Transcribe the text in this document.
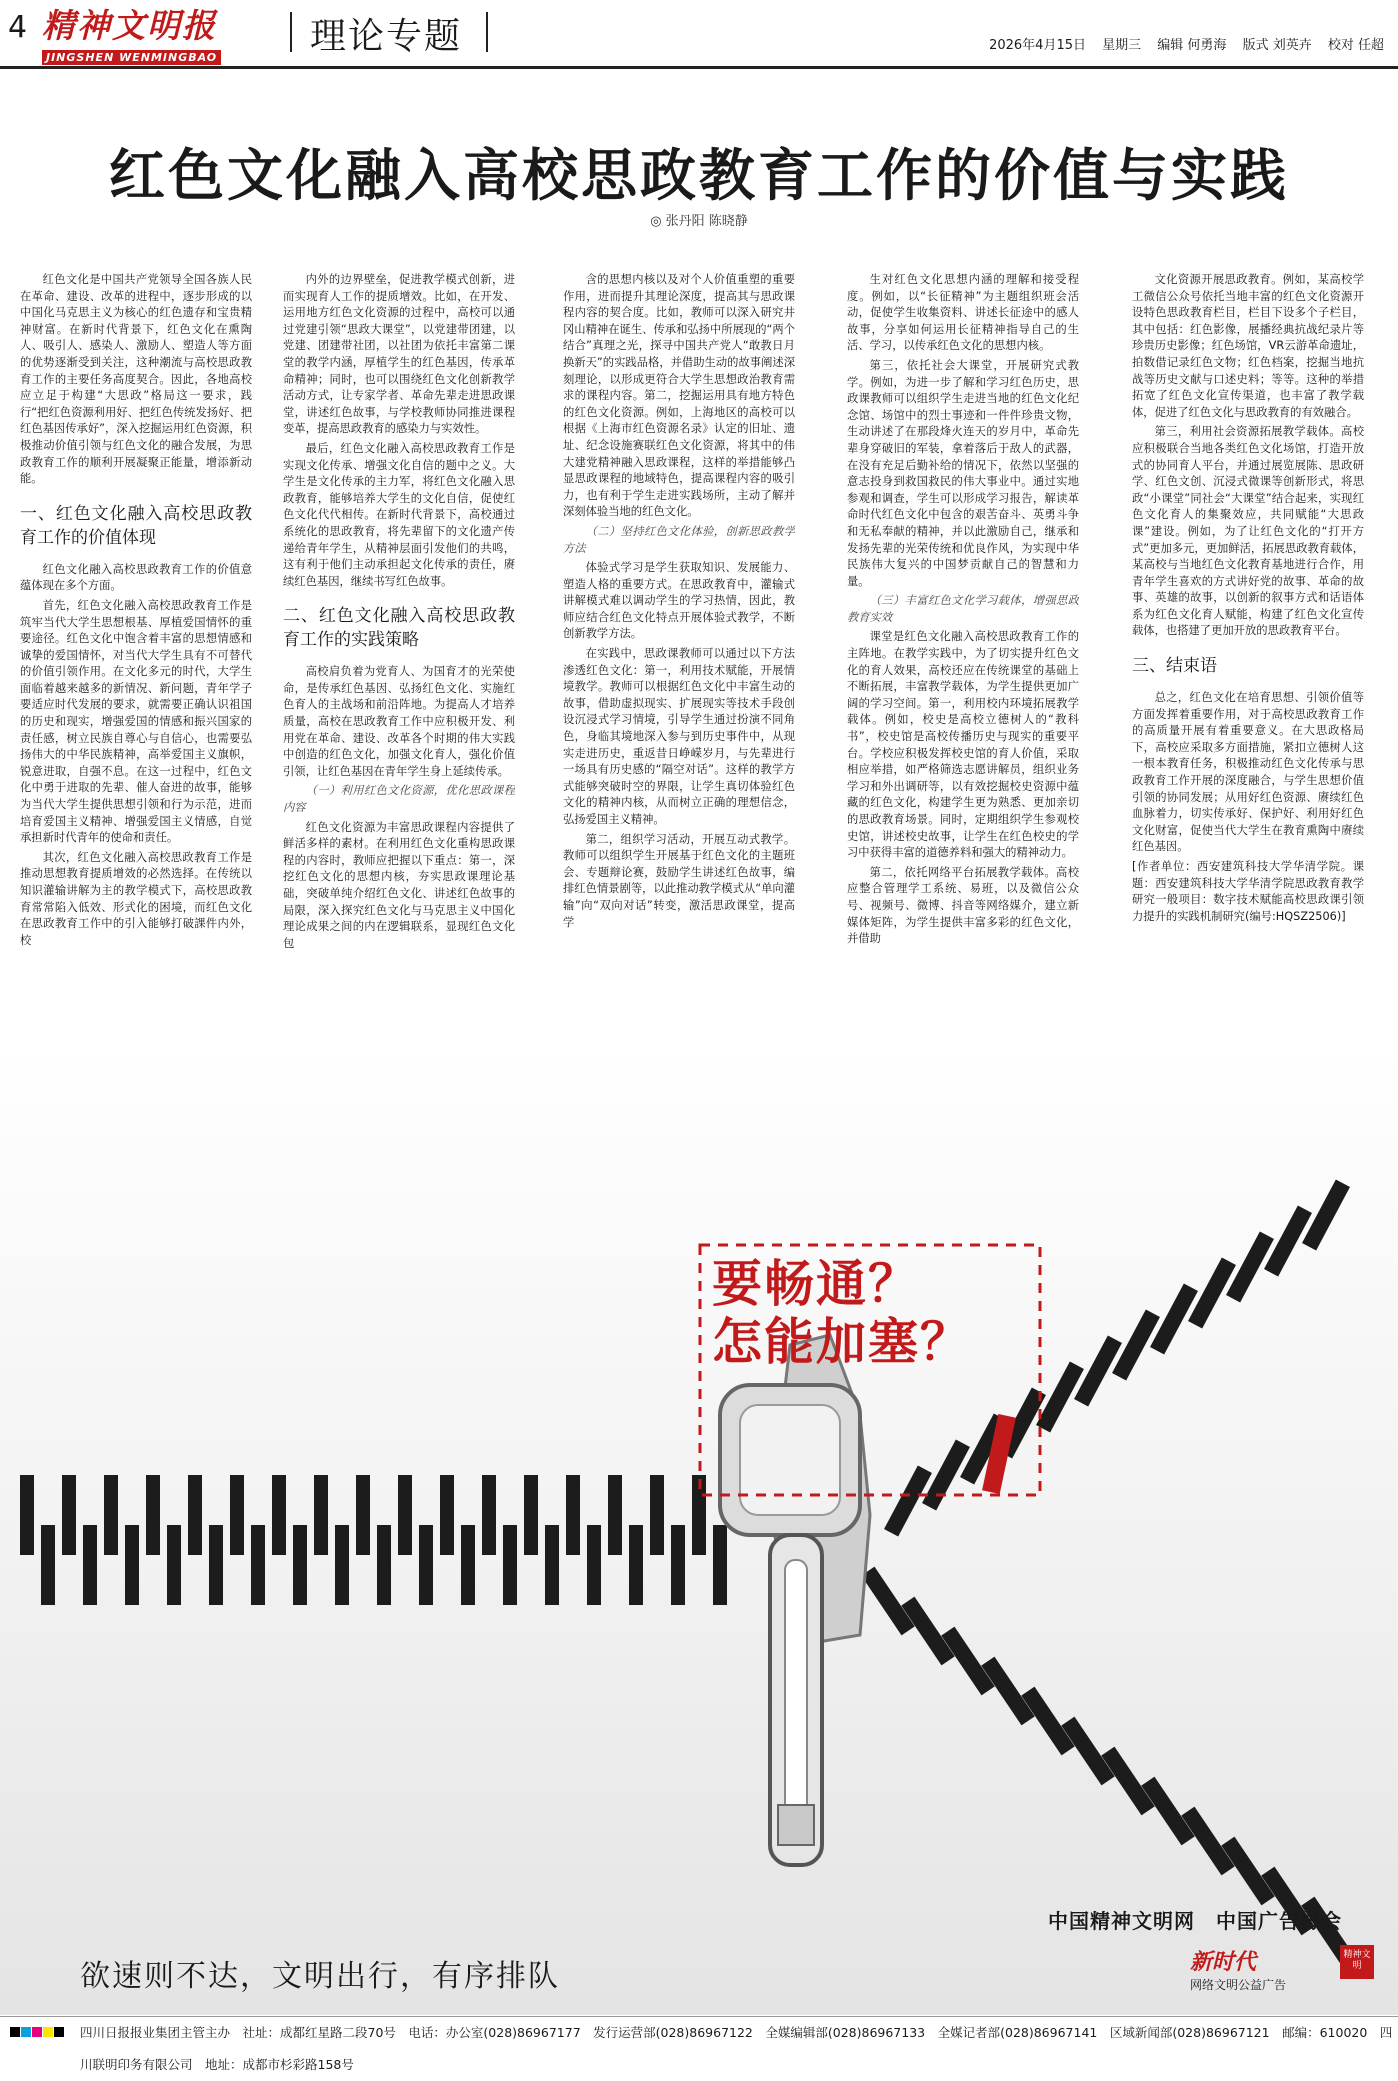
4 精神文明报
JINGSHEN WENMINGBAO
理论专题	2026年4月15日 星期三 编辑 何勇海 版式 刘英卉 校对 任超
红色文化融入高校思政教育工作的价值与实践
◎ 张丹阳 陈晓静

红色文化是中国共产党领导全国各族人民在革命、建设、改革的进程中，逐步形成的以中国化马克思主义为核心的红色遗存和宝贵精神财富。在新时代背景下，红色文化在熏陶人、吸引人、感染人、激励人、塑造人等方面的优势逐渐受到关注，这种潮流与高校思政教育工作的主要任务高度契合。因此，各地高校应立足于构建“大思政”格局这一要求，践行“把红色资源利用好、把红色传统发扬好、把红色基因传承好”，深入挖掘运用红色资源，积极推动价值引领与红色文化的融合发展，为思政教育工作的顺利开展凝聚正能量，增添新动能。

一、红色文化融入高校思政教育工作的价值体现

红色文化融入高校思政教育工作的价值意蕴体现在多个方面。

首先，红色文化融入高校思政教育工作是筑牢当代大学生思想根基、厚植爱国情怀的重要途径。红色文化中饱含着丰富的思想情感和诚挚的爱国情怀，对当代大学生具有不可替代的价值引领作用。在文化多元的时代，大学生面临着越来越多的新情况、新问题，青年学子要适应时代发展的要求，就需要正确认识祖国的历史和现实，增强爱国的情感和振兴国家的责任感，树立民族自尊心与自信心，也需要弘扬伟大的中华民族精神，高举爱国主义旗帜，锐意进取，自强不息。在这一过程中，红色文化中勇于进取的先辈、催人奋进的故事，能够为当代大学生提供思想引领和行为示范，进而培育爱国主义精神、增强爱国主义情感，自觉承担新时代青年的使命和责任。

其次，红色文化融入高校思政教育工作是推动思想教育提质增效的必然选择。在传统以知识灌输讲解为主的教学模式下，高校思政教育常常陷入低效、形式化的困境，而红色文化在思政教育工作中的引入能够打破課件内外，校

内外的边界壁垒，促进教学模式创新，进而实现育人工作的提质增效。比如，在开发、运用地方红色文化资源的过程中，高校可以通过党建引领“思政大课堂”，以党建带团建，以党建、团建带社团，以社团为依托丰富第二课堂的教学内涵，厚植学生的红色基因，传承革命精神；同时，也可以围绕红色文化创新教学活动方式，让专家学者、革命先辈走进思政课堂，讲述红色故事，与学校教师协同推进课程变革，提高思政教育的感染力与实效性。

最后，红色文化融入高校思政教育工作是实现文化传承、增强文化自信的题中之义。大学生是文化传承的主力军，将红色文化融入思政教育，能够培养大学生的文化自信，促使红色文化代代相传。在新时代背景下，高校通过系统化的思政教育，将先辈留下的文化遗产传递给青年学生，从精神层面引发他们的共鸣，这有利于他们主动承担起文化传承的责任，赓续红色基因，继续书写红色故事。

二、红色文化融入高校思政教育工作的实践策略

高校肩负着为党育人、为国育才的光荣使命，是传承红色基因、弘扬红色文化、实施红色育人的主战场和前沿阵地。为提高人才培养质量，高校在思政教育工作中应积极开发、利用党在革命、建设、改革各个时期的伟大实践中创造的红色文化，加强文化育人，强化价值引领，让红色基因在青年学生身上延续传承。

（一）利用红色文化资源，优化思政课程内容

红色文化资源为丰富思政课程内容提供了鲜活多样的素材。在利用红色文化重构思政课程的内容时，教师应把握以下重点：第一，深挖红色文化的思想内核，夯实思政课理论基础，突破单纯介绍红色文化、讲述红色故事的局限，深入探究红色文化与马克思主义中国化理论成果之间的内在逻辑联系，显现红色文化包

含的思想内核以及对个人价值重塑的重要作用，进而提升其理论深度，提高其与思政课程内容的契合度。比如，教师可以深入研究井冈山精神在诞生、传承和弘扬中所展现的“两个结合”真理之光，探寻中国共产党人“敢教日月换新天”的实践品格，并借助生动的故事阐述深刻理论，以形成更符合大学生思想政治教育需求的课程内容。第二，挖掘运用具有地方特色的红色文化资源。例如，上海地区的高校可以根据《上海市红色资源名录》认定的旧址、遗址、纪念设施赛联红色文化资源，将其中的伟大建党精神融入思政课程，这样的举措能够凸显思政课程的地域特色，提高课程内容的吸引力，也有利于学生走进实践场所，主动了解并深刻体验当地的红色文化。

（二）坚持红色文化体验，创新思政教学方法

体验式学习是学生获取知识、发展能力、塑造人格的重要方式。在思政教育中，灌输式讲解模式难以调动学生的学习热情，因此，教师应结合红色文化特点开展体验式教学，不断创新教学方法。

在实践中，思政课教师可以通过以下方法渗透红色文化：第一，利用技术赋能，开展情境教学。教师可以根据红色文化中丰富生动的故事，借助虚拟现实、扩展现实等技术手段创设沉浸式学习情境，引导学生通过扮演不同角色，身临其境地深入参与到历史事件中，从现实走进历史，重返昔日峥嵘岁月，与先辈进行一场具有历史感的“隔空对话”。这样的教学方式能够突破时空的界限，让学生真切体验红色文化的精神内核，从而树立正确的理想信念，弘扬爱国主义精神。

第二，组织学习活动，开展互动式教学。教师可以组织学生开展基于红色文化的主题班会、专题辩论赛，鼓励学生讲述红色故事，编排红色情景剧等，以此推动教学模式从“单向灌输”向“双向对话”转变，激活思政课堂，提高学

生对红色文化思想内涵的理解和接受程度。例如，以“长征精神”为主题组织班会活动，促使学生收集资料、讲述长征途中的感人故事，分享如何运用长征精神指导自己的生活、学习，以传承红色文化的思想内核。

第三，依托社会大课堂，开展研究式教学。例如，为进一步了解和学习红色历史，思政课教师可以组织学生走进当地的红色文化纪念馆、场馆中的烈士事迹和一件件珍贵文物，生动讲述了在那段烽火连天的岁月中，革命先辈身穿破旧的军装，拿着落后于敌人的武器，在没有充足后勤补给的情况下，依然以坚强的意志投身到救国救民的伟大事业中。通过实地参观和调查，学生可以形成学习报告，解读革命时代红色文化中包含的艰苦奋斗、英勇斗争和无私奉献的精神，并以此激励自己，继承和发扬先辈的光荣传统和优良作风，为实现中华民族伟大复兴的中国梦贡献自己的智慧和力量。

（三）丰富红色文化学习载体，增强思政教育实效

课堂是红色文化融入高校思政教育工作的主阵地。在教学实践中，为了切实提升红色文化的育人效果，高校还应在传统课堂的基础上不断拓展，丰富教学载体，为学生提供更加广阔的学习空间。第一，利用校内环境拓展教学载体。例如，校史是高校立德树人的“教科书”，校史馆是高校传播历史与现实的重要平台。学校应积极发挥校史馆的育人价值，采取相应举措，如严格筛选志愿讲解员，组织业务学习和外出调研等，以有效挖掘校史资源中蕴藏的红色文化，构建学生更为熟悉、更加亲切的思政教育场景。同时，定期组织学生参观校史馆，讲述校史故事，让学生在红色校史的学习中获得丰富的道德养料和强大的精神动力。

第二，依托网络平台拓展教学载体。高校应整合管理学工系统、易班，以及微信公众号、视频号、微博、抖音等网络媒介，建立新媒体矩阵，为学生提供丰富多彩的红色文化，并借助

文化资源开展思政教育。例如，某高校学工微信公众号依托当地丰富的红色文化资源开设特色思政教育栏目，栏目下设多个子栏目，其中包括：红色影像，展播经典抗战纪录片等珍贵历史影像；红色场馆，VR云游革命遗址，拍数借记录红色文物；红色档案，挖掘当地抗战等历史文献与口述史料；等等。这种的举措拓宽了红色文化宣传渠道，也丰富了教学载体，促进了红色文化与思政教育的有效融合。

第三，利用社会资源拓展教学载体。高校应积极联合当地各类红色文化场馆，打造开放式的协同育人平台，并通过展览展陈、思政研学、红色文创、沉浸式微课等创新形式，将思政“小课堂”同社会“大课堂”结合起来，实现红色文化育人的集聚效应，共同赋能“大思政课”建设。例如，为了让红色文化的“打开方式”更加多元，更加鲜活，拓展思政教育载体，某高校与当地红色文化教育基地进行合作，用青年学生喜欢的方式讲好党的故事、革命的故事、英雄的故事，以创新的叙事方式和话语体系为红色文化育人赋能，构建了红色文化宣传载体，也搭建了更加开放的思政教育平台。

三、结束语

总之，红色文化在培育思想、引领价值等方面发挥着重要作用，对于高校思政教育工作的高质量开展有着重要意义。在大思政格局下，高校应采取多方面措施，紧扣立德树人这一根本教育任务，积极推动红色文化传承与思政教育工作开展的深度融合，与学生思想价值引领的协同发展；从用好红色资源、赓续红色血脉着力，切实传承好、保护好、利用好红色文化财富，促使当代大学生在教育熏陶中赓续红色基因。

[作者单位：西安建筑科技大学华清学院。课题：西安建筑科技大学华清学院思政教育教学研究一般项目：数字技术赋能高校思政课引领力提升的实践机制研究(编号:HQSZ2506)]

要畅通？
怎能加塞？
中国精神文明网　中国广告协会
欲速则不达，文明出行，有序排队	新时代
网络文明公益广告
精神文明
四川日报报业集团主管主办　社址：成都红星路二段70号　电话：办公室(028)86967177　发行运营部(028)86967122　全媒编辑部(028)86967133　全媒记者部(028)86967141　区域新闻部(028)86967121　邮编：610020　四川联明印务有限公司　地址：成都市杉彩路158号
